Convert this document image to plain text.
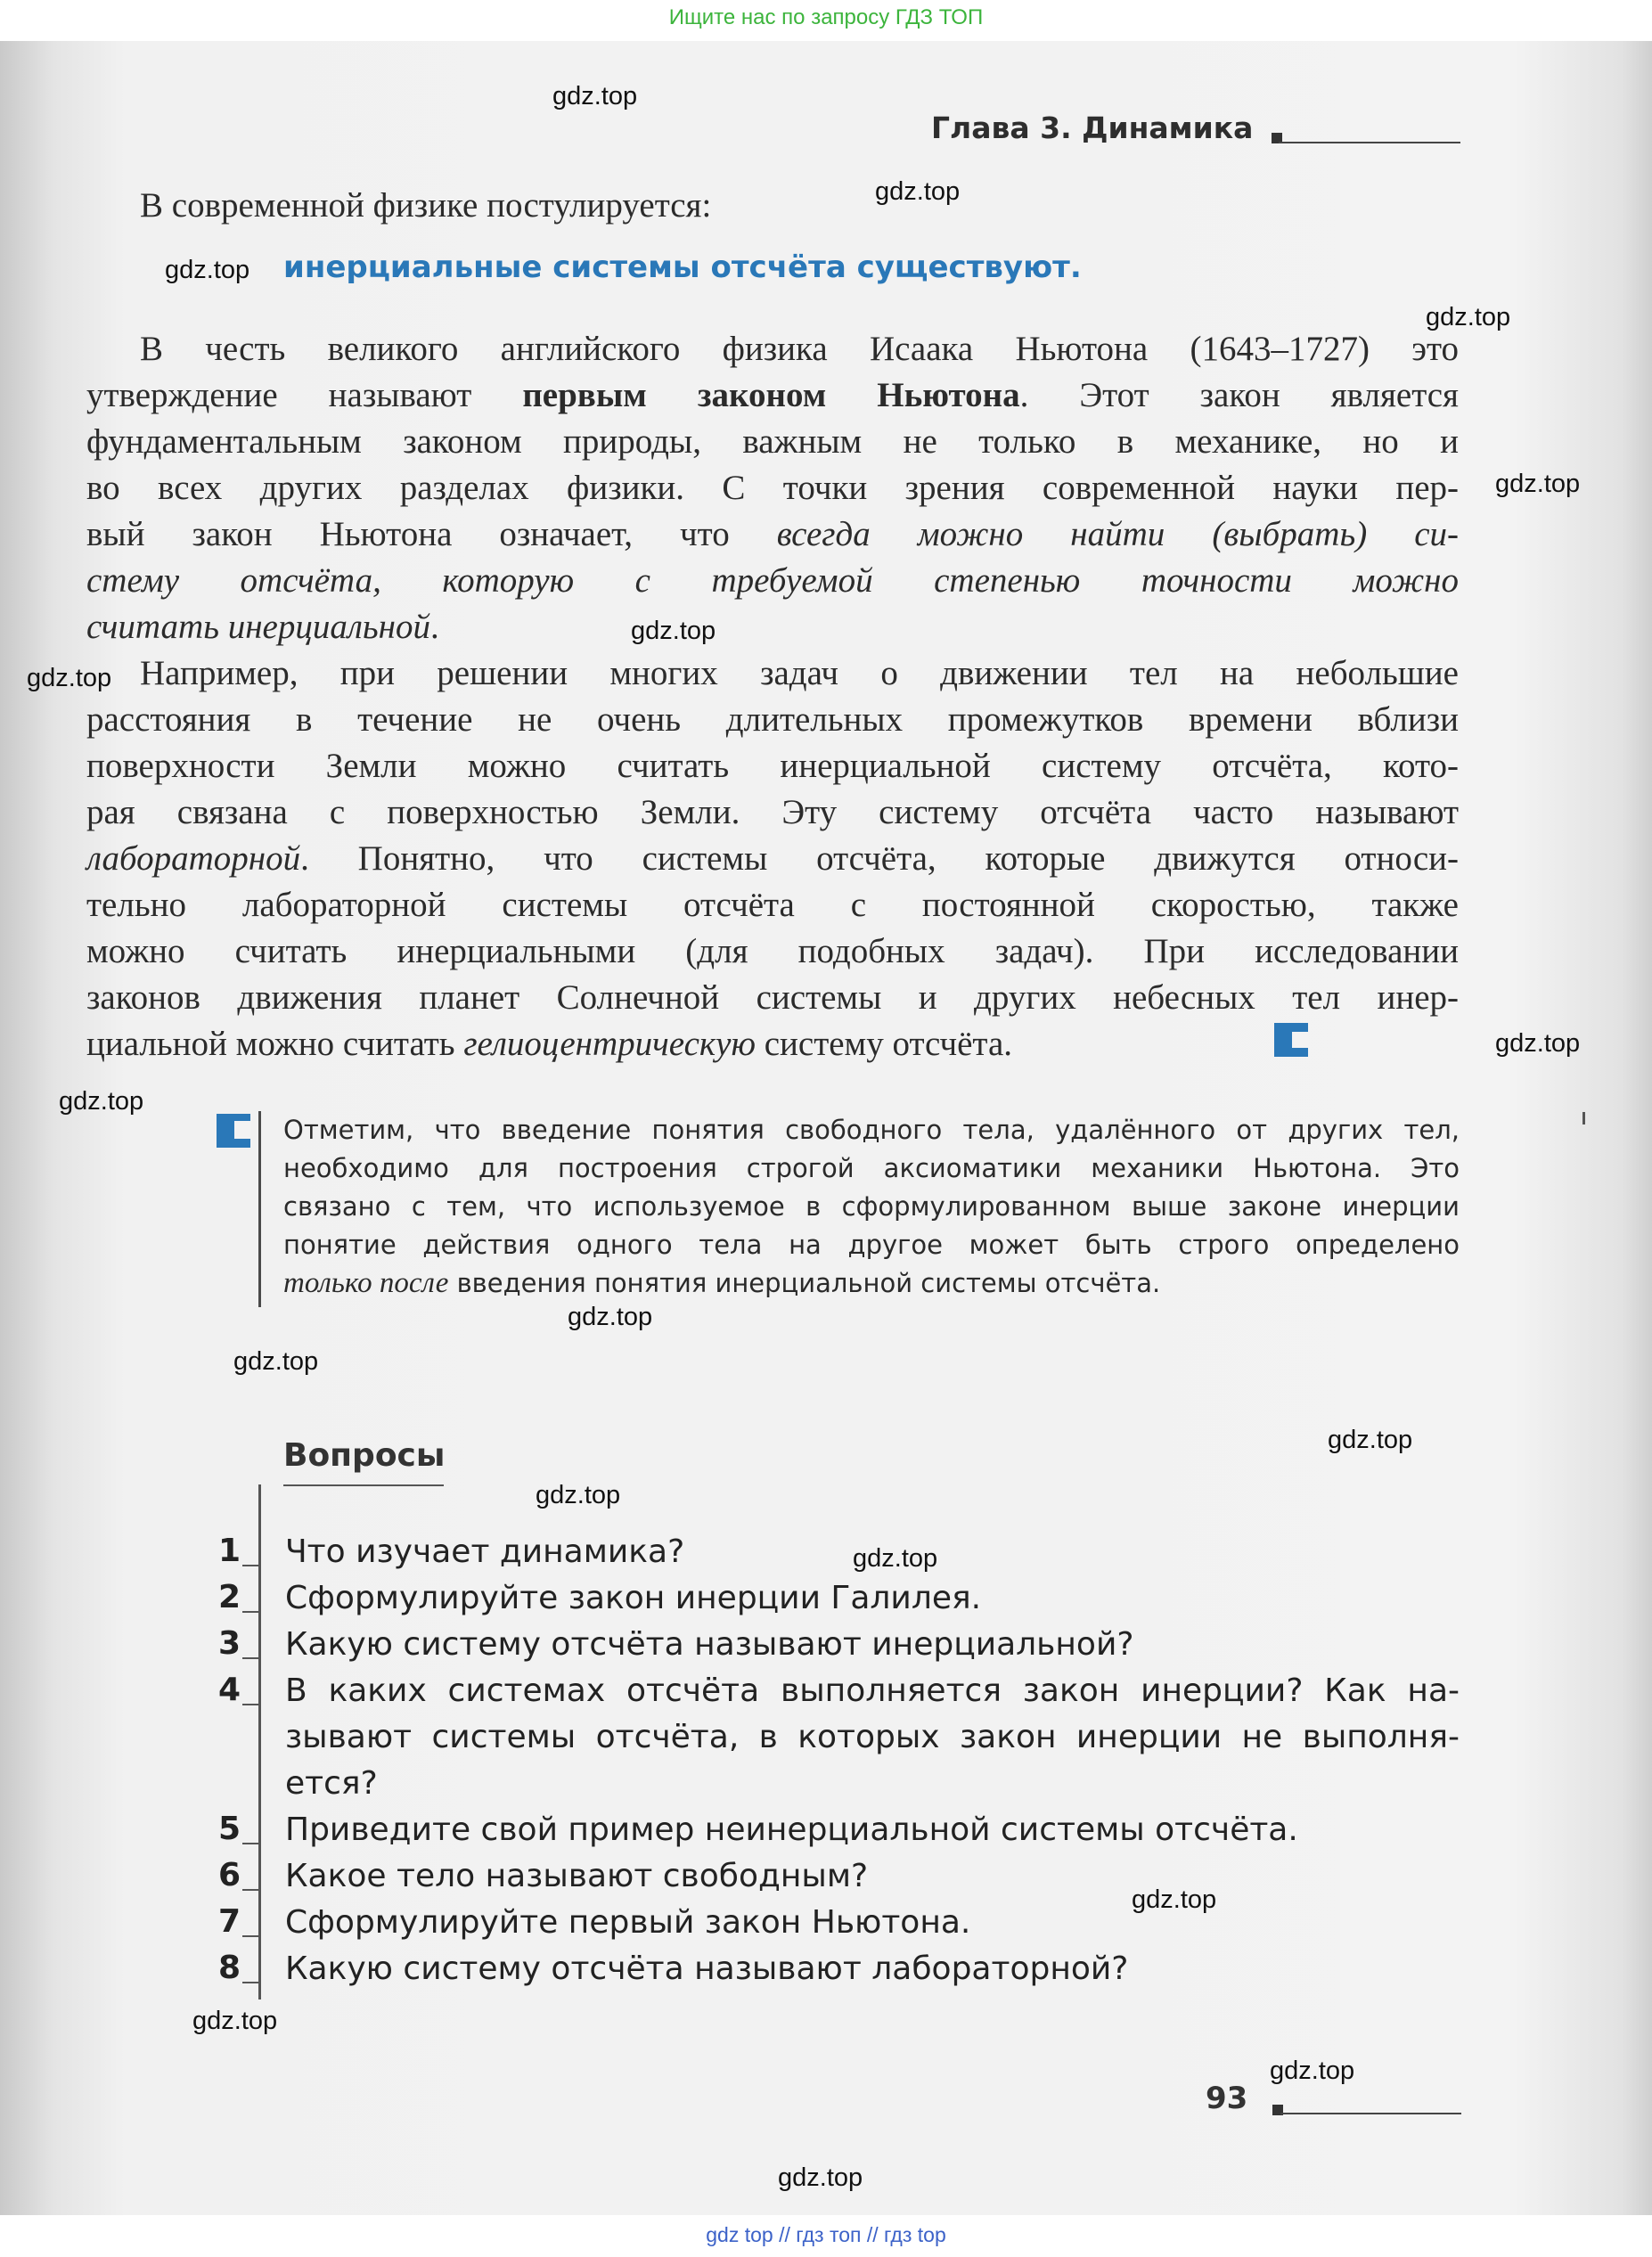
Ищите нас по запросу ГДЗ ТОП
Глава 3. Динамика
В современной физике постулируется:
инерциальные системы отсчёта существуют.
В честь великого английского физика Исаака Ньютона (1643–1727) это
утверждение называют первым законом Ньютона. Этот закон является
фундаментальным законом природы, важным не только в механике, но и
во всех других разделах физики. С точки зрения современной науки пер-
вый закон Ньютона означает, что всегда можно найти (выбрать) си-
стему отсчёта, которую с требуемой степенью точности можно
считать инерциальной.
Например, при решении многих задач о движении тел на небольшие
расстояния в течение не очень длительных промежутков времени вблизи
поверхности Земли можно считать инерциальной систему отсчёта, кото-
рая связана с поверхностью Земли. Эту систему отсчёта часто называют
лабораторной. Понятно, что системы отсчёта, которые движутся относи-
тельно лабораторной системы отсчёта с постоянной скоростью, также
можно считать инерциальными (для подобных задач). При исследовании
законов движения планет Солнечной системы и других небесных тел инер-
циальной можно считать гелиоцентрическую систему отсчёта.
Отметим, что введение понятия свободного тела, удалённого от других тел,
необходимо для построения строгой аксиоматики механики Ньютона. Это
связано с тем, что используемое в сформулированном выше законе инерции
понятие действия одного тела на другое может быть строго определено
только после введения понятия инерциальной системы отсчёта.
Вопросы
1 Что изучает динамика?
2 Сформулируйте закон инерции Галилея.
3 Какую систему отсчёта называют инерциальной?
4 В каких системах отсчёта выполняется закон инерции? Как на-
зывают системы отсчёта, в которых закон инерции не выполня-
ется?
5 Приведите свой пример неинерциальной системы отсчёта.
6 Какое тело называют свободным?
7 Сформулируйте первый закон Ньютона.
8 Какую систему отсчёта называют лабораторной?
93
gdz.top
gdz.top
gdz.top
gdz.top
gdz.top
gdz.top
gdz.top
gdz.top
gdz.top
gdz.top
gdz.top
gdz.top
gdz.top
gdz.top
gdz.top
gdz.top
gdz.top
gdz.top
gdz top // гдз топ // гдз top
